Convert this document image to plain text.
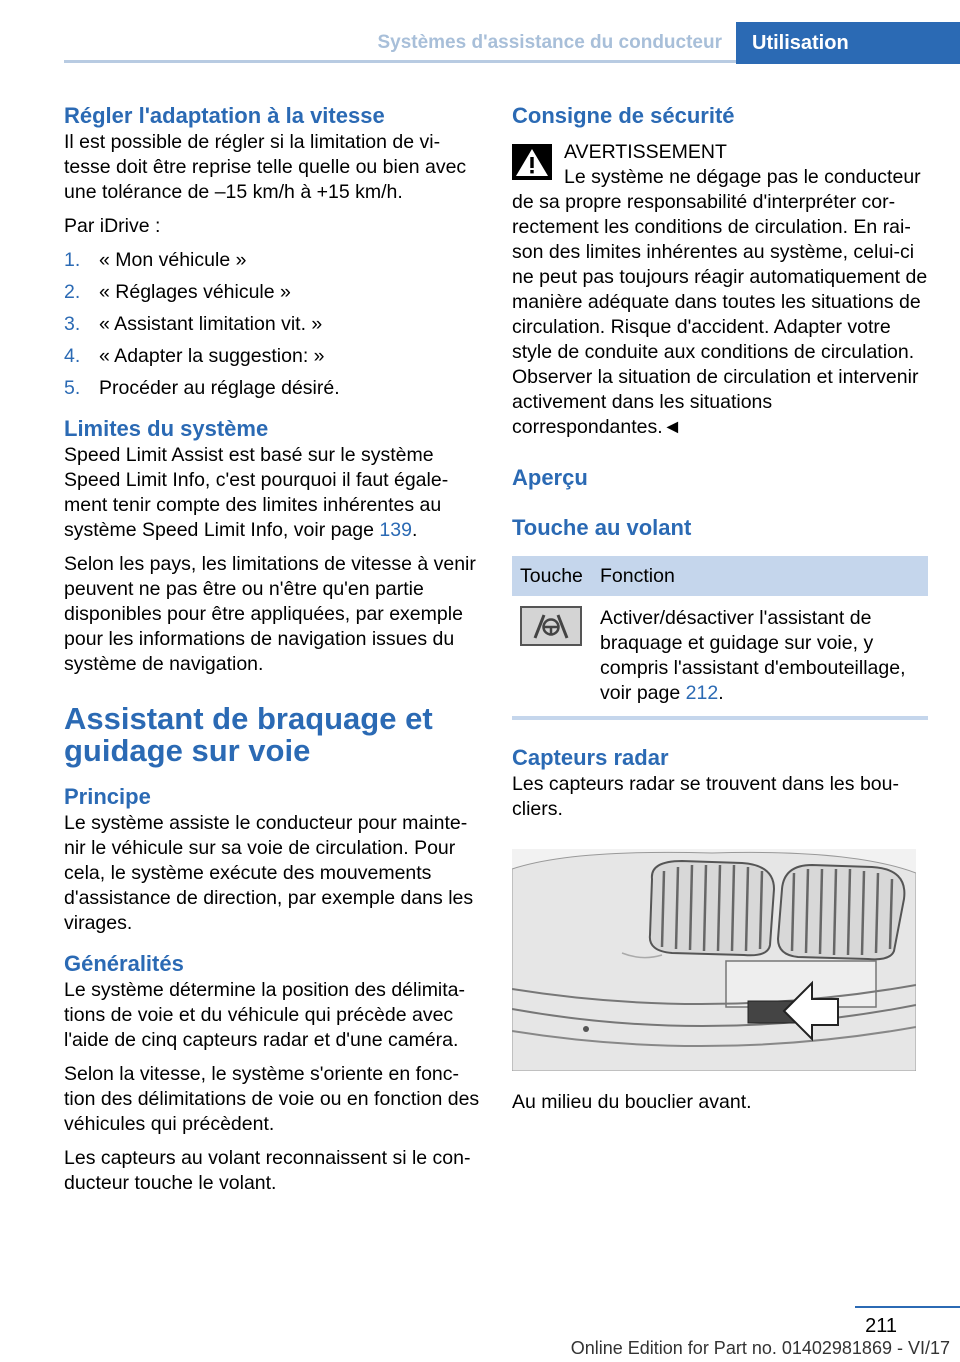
Systèmes d'assistance du conducteur	Utilisation
Régler l'adaptation à la vitesse

Il est possible de régler si la limitation de vitesse doit être reprise telle quelle ou bien avec une tolérance de –15 km/h à +15 km/h.

Par iDrive :

1. « Mon véhicule »
2. « Réglages véhicule »
3. « Assistant limitation vit. »
4. « Adapter la suggestion: »
5. Procéder au réglage désiré.
Limites du système

Speed Limit Assist est basé sur le système Speed Limit Info, c'est pourquoi il faut également tenir compte des limites inhérentes au système Speed Limit Info, voir page 139.

Selon les pays, les limitations de vitesse à venir peuvent ne pas être ou n'être qu'en partie disponibles pour être appliquées, par exemple pour les informations de navigation issues du système de navigation.

Assistant de braquage et guidage sur voie
Principe

Le système assiste le conducteur pour maintenir le véhicule sur sa voie de circulation. Pour cela, le système exécute des mouvements d'assistance de direction, par exemple dans les virages.

Généralités

Le système détermine la position des délimitations de voie et du véhicule qui précède avec l'aide de cinq capteurs radar et d'une caméra.

Selon la vitesse, le système s'oriente en fonction des délimitations de voie ou en fonction des véhicules qui précèdent.

Les capteurs au volant reconnaissent si le conducteur touche le volant.

Consigne de sécurité
AVERTISSEMENT

Le système ne dégage pas le conducteur de sa propre responsabilité d'interpréter correctement les conditions de circulation. En raison des limites inhérentes au système, celui-ci ne peut pas toujours réagir automatiquement de manière adéquate dans toutes les situations de circulation. Risque d'accident. Adapter votre style de conduite aux conditions de circulation. Observer la situation de circulation et intervenir activement dans les situations correspondantes.◄

Aperçu
Touche au volant
Touche	Fonction

	Activer/désactiver l'assistant de braquage et guidage sur voie, y compris l'assistant d'embouteillage, voir page 212.
Capteurs radar

Les capteurs radar se trouvent dans les boucliers.

Au milieu du bouclier avant.

211
Online Edition for Part no. 01402981869 - VI/17
